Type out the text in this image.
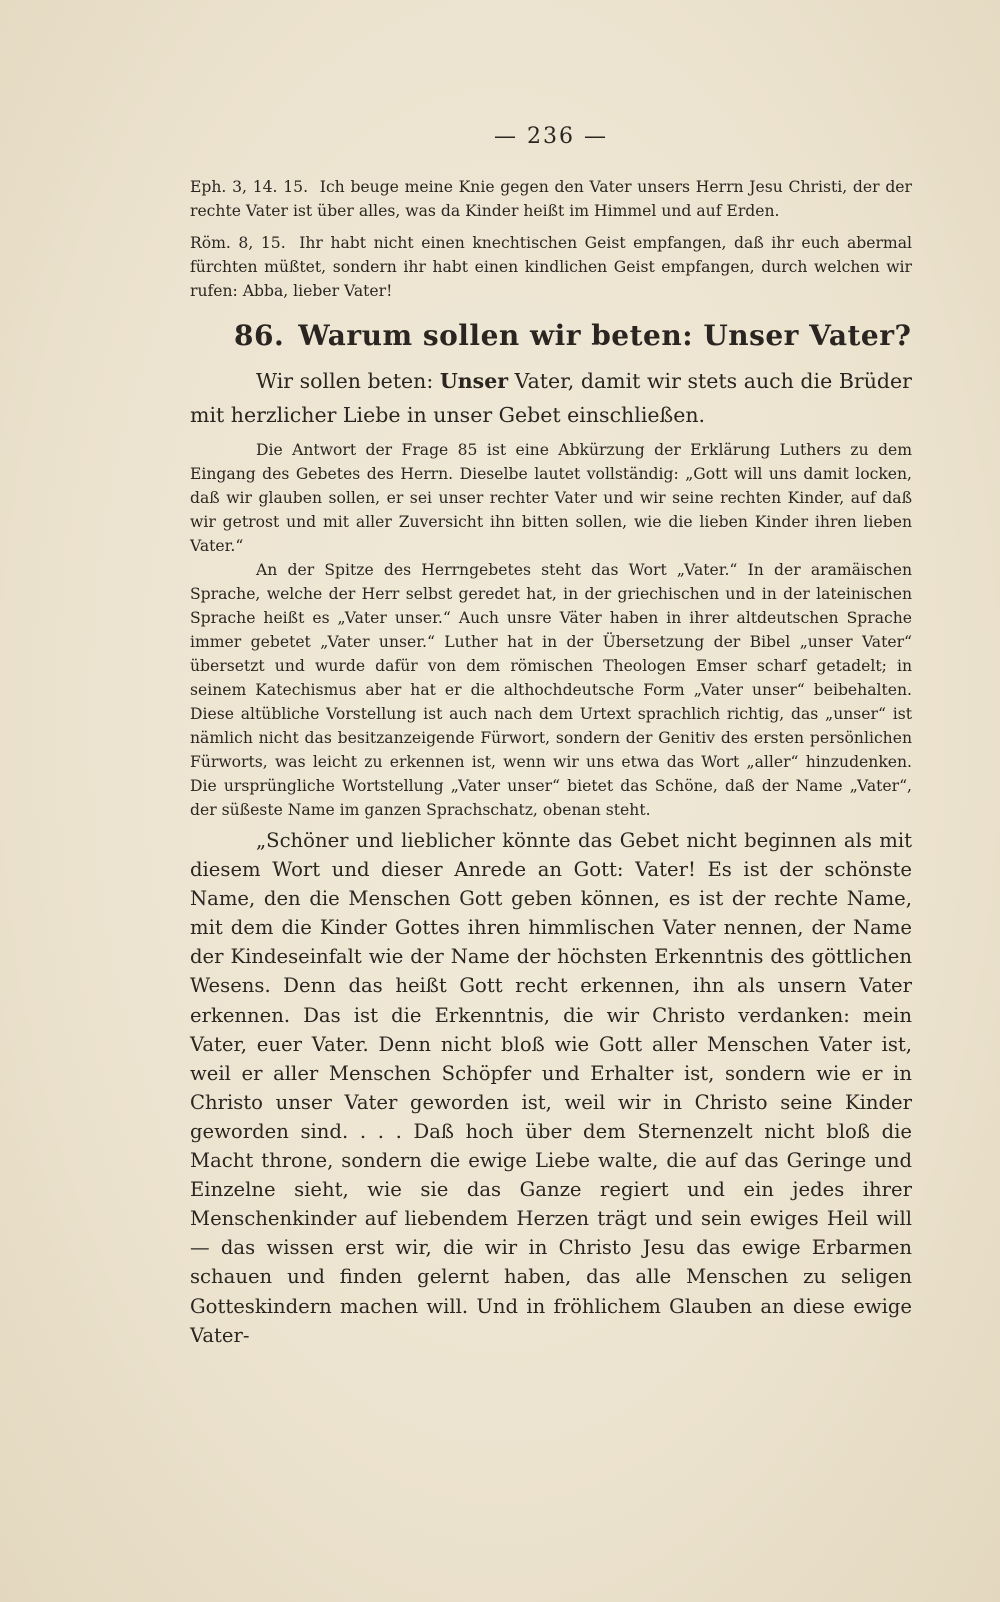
— 236 —
Eph. 3, 14. 15. Ich beuge meine Knie gegen den Vater unsers Herrn Jesu Christi, der der rechte Vater ist über alles, was da Kinder heißt im Himmel und auf Erden.
Röm. 8, 15. Ihr habt nicht einen knechtischen Geist empfangen, daß ihr euch abermal fürchten müßtet, sondern ihr habt einen kindlichen Geist empfangen, durch welchen wir rufen: Abba, lieber Vater!
86. Warum sollen wir beten: Unser Vater?

Wir sollen beten: Unser Vater, damit wir stets auch die Brüder mit herzlicher Liebe in unser Gebet einschließen.

Die Antwort der Frage 85 ist eine Abkürzung der Erklärung Luthers zu dem Eingang des Gebetes des Herrn. Dieselbe lautet vollständig: „Gott will uns damit locken, daß wir glauben sollen, er sei unser rechter Vater und wir seine rechten Kinder, auf daß wir getrost und mit aller Zuversicht ihn bitten sollen, wie die lieben Kinder ihren lieben Vater.“

An der Spitze des Herrngebetes steht das Wort „Vater.“ In der aramäischen Sprache, welche der Herr selbst geredet hat, in der griechischen und in der lateinischen Sprache heißt es „Vater unser.“ Auch unsre Väter haben in ihrer altdeutschen Sprache immer gebetet „Vater unser.“ Luther hat in der Übersetzung der Bibel „unser Vater“ übersetzt und wurde dafür von dem römischen Theologen Emser scharf getadelt; in seinem Katechismus aber hat er die althochdeutsche Form „Vater unser“ beibehalten. Diese altübliche Vorstellung ist auch nach dem Urtext sprachlich richtig, das „unser“ ist nämlich nicht das besitzanzeigende Fürwort, sondern der Genitiv des ersten persönlichen Fürworts, was leicht zu erkennen ist, wenn wir uns etwa das Wort „aller“ hinzudenken. Die ursprüngliche Wortstellung „Vater unser“ bietet das Schöne, daß der Name „Vater“, der süßeste Name im ganzen Sprachschatz, obenan steht.

„Schöner und lieblicher könnte das Gebet nicht beginnen als mit diesem Wort und dieser Anrede an Gott: Vater! Es ist der schönste Name, den die Menschen Gott geben können, es ist der rechte Name, mit dem die Kinder Gottes ihren himmlischen Vater nennen, der Name der Kindeseinfalt wie der Name der höchsten Erkenntnis des göttlichen Wesens. Denn das heißt Gott recht erkennen, ihn als unsern Vater erkennen. Das ist die Erkenntnis, die wir Christo verdanken: mein Vater, euer Vater. Denn nicht bloß wie Gott aller Menschen Vater ist, weil er aller Menschen Schöpfer und Erhalter ist, sondern wie er in Christo unser Vater geworden ist, weil wir in Christo seine Kinder geworden sind. . . . Daß hoch über dem Sternenzelt nicht bloß die Macht throne, sondern die ewige Liebe walte, die auf das Geringe und Einzelne sieht, wie sie das Ganze regiert und ein jedes ihrer Menschenkinder auf liebendem Herzen trägt und sein ewiges Heil will — das wissen erst wir, die wir in Christo Jesu das ewige Erbarmen schauen und finden gelernt haben, das alle Menschen zu seligen Gotteskindern machen will. Und in fröhlichem Glauben an diese ewige Vater-
